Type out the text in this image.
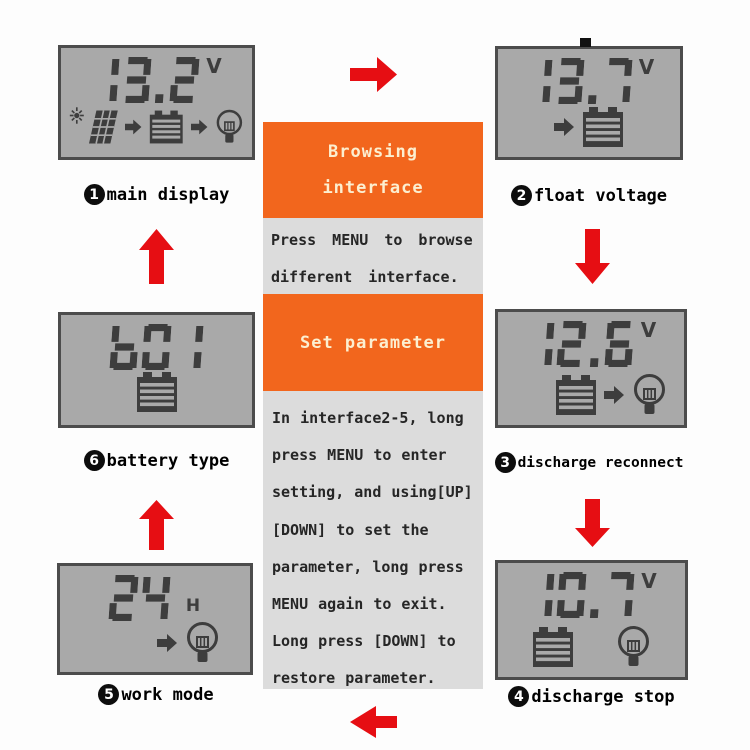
V	V
V
V
H
1 main display	2 float voltage
3 discharge reconnect
4 discharge stop
5 work mode
6 battery type
Browsing
interface
Press MENU to browse
different interface.
Set parameter
In interface2-5, long
press MENU to enter
setting, and using[UP]
[DOWN] to set the
parameter, long press
MENU again to exit.
Long press [DOWN] to
restore parameter.
